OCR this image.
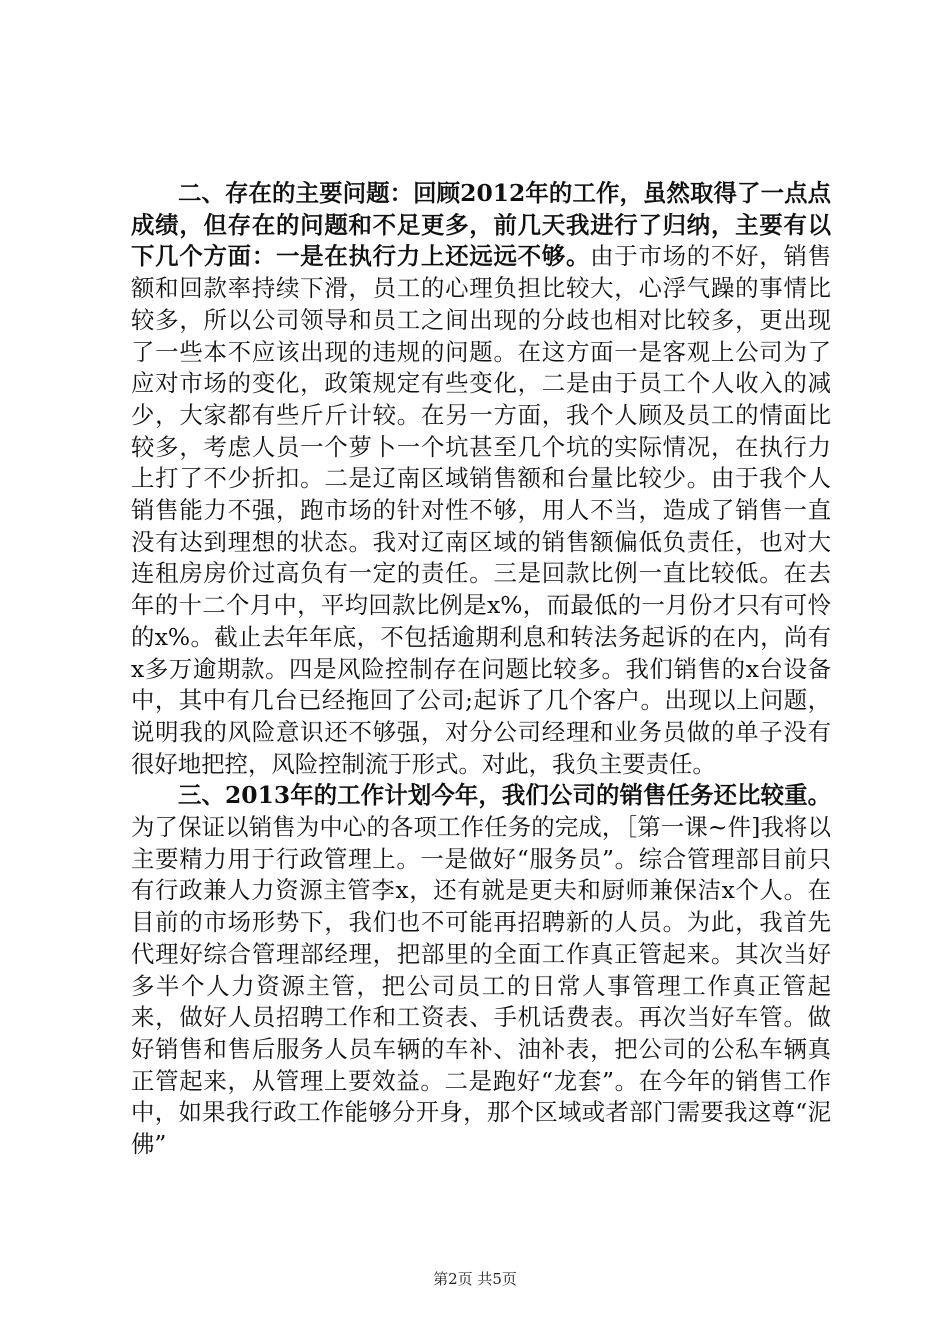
二、存在的主要问题：回顾2012年的工作，虽然取得了一点点成绩，但存在的问题和不足更多，前几天我进行了归纳，主要有以下几个方面：一是在执行力上还远远不够。由于市场的不好，销售额和回款率持续下滑，员工的心理负担比较大，心浮气躁的事情比较多，所以公司领导和员工之间出现的分歧也相对比较多，更出现了一些本不应该出现的违规的问题。在这方面一是客观上公司为了应对市场的变化，政策规定有些变化，二是由于员工个人收入的减少，大家都有些斤斤计较。在另一方面，我个人顾及员工的情面比较多，考虑人员一个萝卜一个坑甚至几个坑的实际情况，在执行力上打了不少折扣。二是辽南区域销售额和台量比较少。由于我个人销售能力不强，跑市场的针对性不够，用人不当，造成了销售一直没有达到理想的状态。我对辽南区域的销售额偏低负责任，也对大连租房房价过高负有一定的责任。三是回款比例一直比较低。在去年的十二个月中，平均回款比例是x%，而最低的一月份才只有可怜的x%。截止去年年底，不包括逾期利息和转法务起诉的在内，尚有x多万逾期款。四是风险控制存在问题比较多。我们销售的x台设备中，其中有几台已经拖回了公司;起诉了几个客户。出现以上问题，说明我的风险意识还不够强，对分公司经理和业务员做的单子没有很好地把控，风险控制流于形式。对此，我负主要责任。

三、2013年的工作计划今年，我们公司的销售任务还比较重。为了保证以销售为中心的各项工作任务的完成，［第一课~件]我将以主要精力用于行政管理上。一是做好“服务员”。综合管理部目前只有行政兼人力资源主管李x，还有就是更夫和厨师兼保洁x个人。在目前的市场形势下，我们也不可能再招聘新的人员。为此，我首先代理好综合管理部经理，把部里的全面工作真正管起来。其次当好多半个人力资源主管，把公司员工的日常人事管理工作真正管起来，做好人员招聘工作和工资表、手机话费表。再次当好车管。做好销售和售后服务人员车辆的车补、油补表，把公司的公私车辆真正管起来，从管理上要效益。二是跑好“龙套”。在今年的销售工作中，如果我行政工作能够分开身，那个区域或者部门需要我这尊“泥佛”

第2页 共5页
